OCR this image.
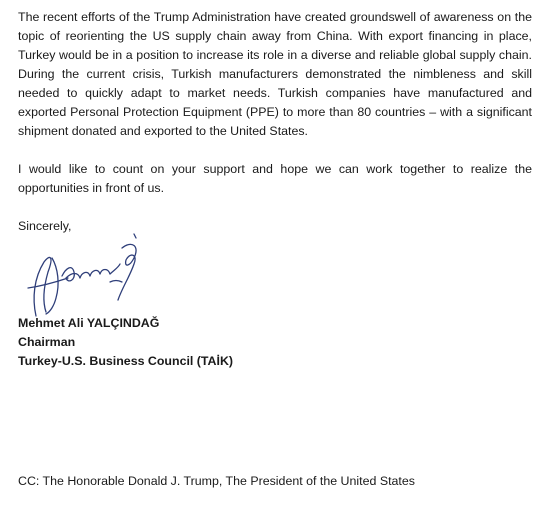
The recent efforts of the Trump Administration have created groundswell of awareness on the topic of reorienting the US supply chain away from China. With export financing in place, Turkey would be in a position to increase its role in a diverse and reliable global supply chain. During the current crisis, Turkish manufacturers demonstrated the nimbleness and skill needed to quickly adapt to market needs. Turkish companies have manufactured and exported Personal Protection Equipment (PPE) to more than 80 countries – with a significant shipment donated and exported to the United States.

I would like to count on your support and hope we can work together to realize the opportunities in front of us.

Sincerely,

Mehmet Ali YALÇINDAĞ

Chairman

Turkey-U.S. Business Council (TAİK)

CC: The Honorable Donald J. Trump, The President of the United States
